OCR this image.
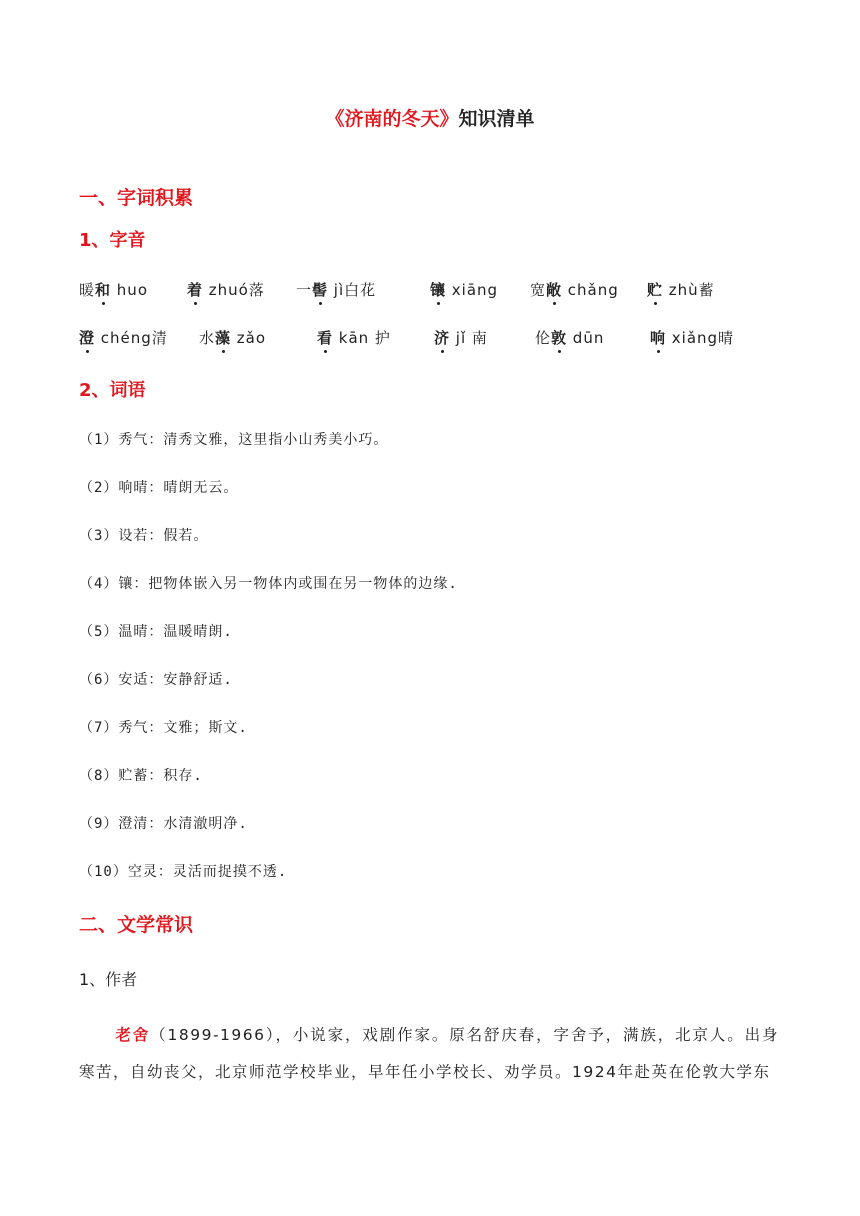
《济南的冬天》知识清单
一、字词积累
1、字音
暖和 huo	着 zhuó落 一髻 jì白花	镶 xiāng 宽敞 chǎng 贮 zhù蓄
澄 chéng清 水藻 zǎo	看 kān 护	济 jǐ 南	伦敦 dūn	响 xiǎng晴
2、词语
（1）秀气：清秀文雅，这里指小山秀美小巧。
（2）响晴：晴朗无云。
（3）设若：假若。
（4）镶：把物体嵌入另一物体内或围在另一物体的边缘.
（5）温晴：温暖晴朗.
（6）安适：安静舒适.
（7）秀气：文雅；斯文.
（8）贮蓄：积存.
（9）澄清：水清澈明净.
（10）空灵：灵活而捉摸不透.
二、文学常识
1、作者
老舍（1899-1966），小说家，戏剧作家。原名舒庆春，字舍予，满族，北京人。出身寒苦，自幼丧父，北京师范学校毕业，早年任小学校长、劝学员。1924年赴英在伦敦大学东
